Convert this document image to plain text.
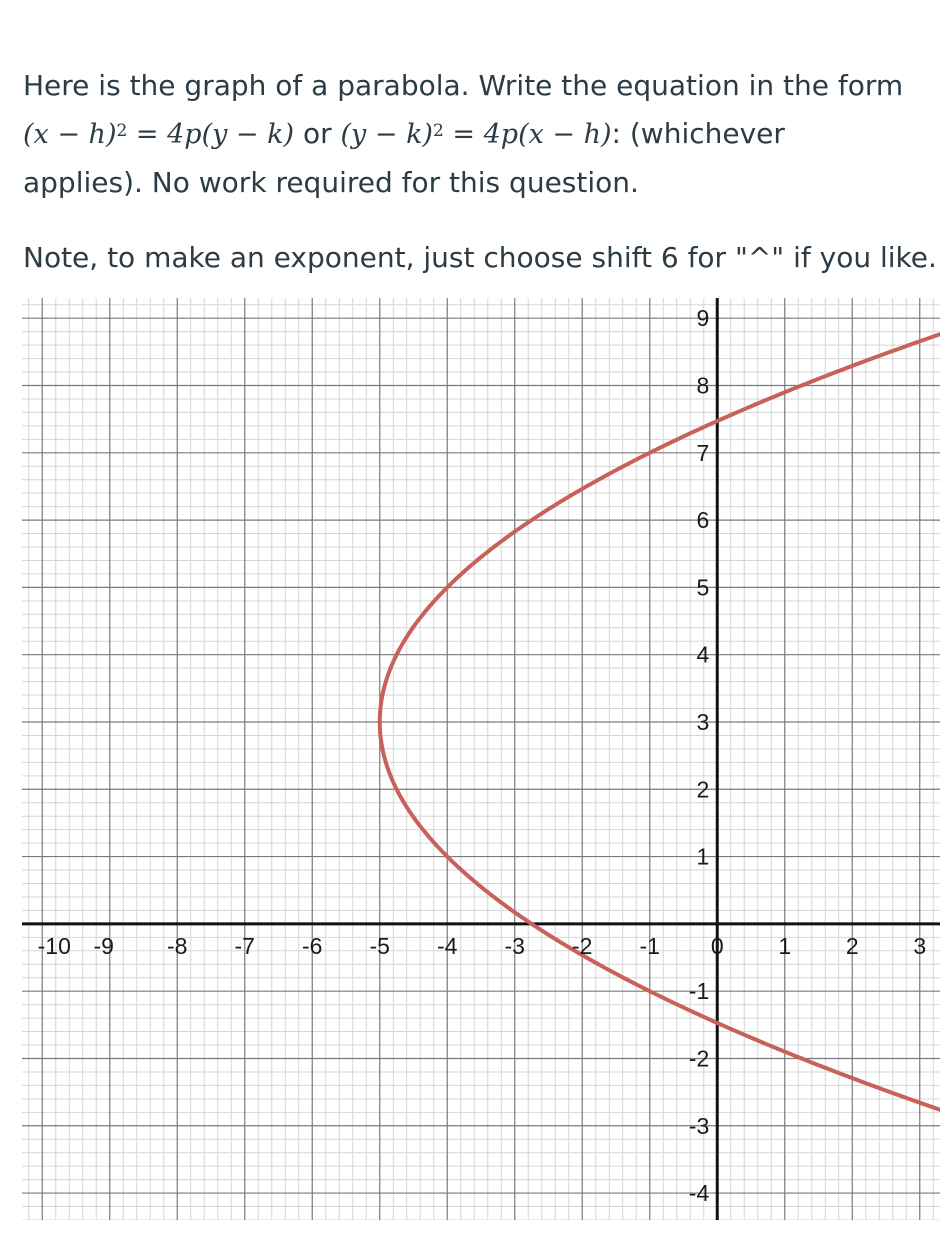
Here is the graph of a parabola. Write the equation in the form

$(x - h)^2 = 4p(y - k)$ or $(y - k)^2 = 4p(x - h)$: (whichever

applies). No work required for this question.

Note, to make an exponent, just choose shift 6 for "^" if you like.

-10 -9 -8 -7 -6 -5 -4 -3 -2 -1 0 1 2 3
9
8
7
6
5
4
3
2
1
-1
-2
-3
-4
